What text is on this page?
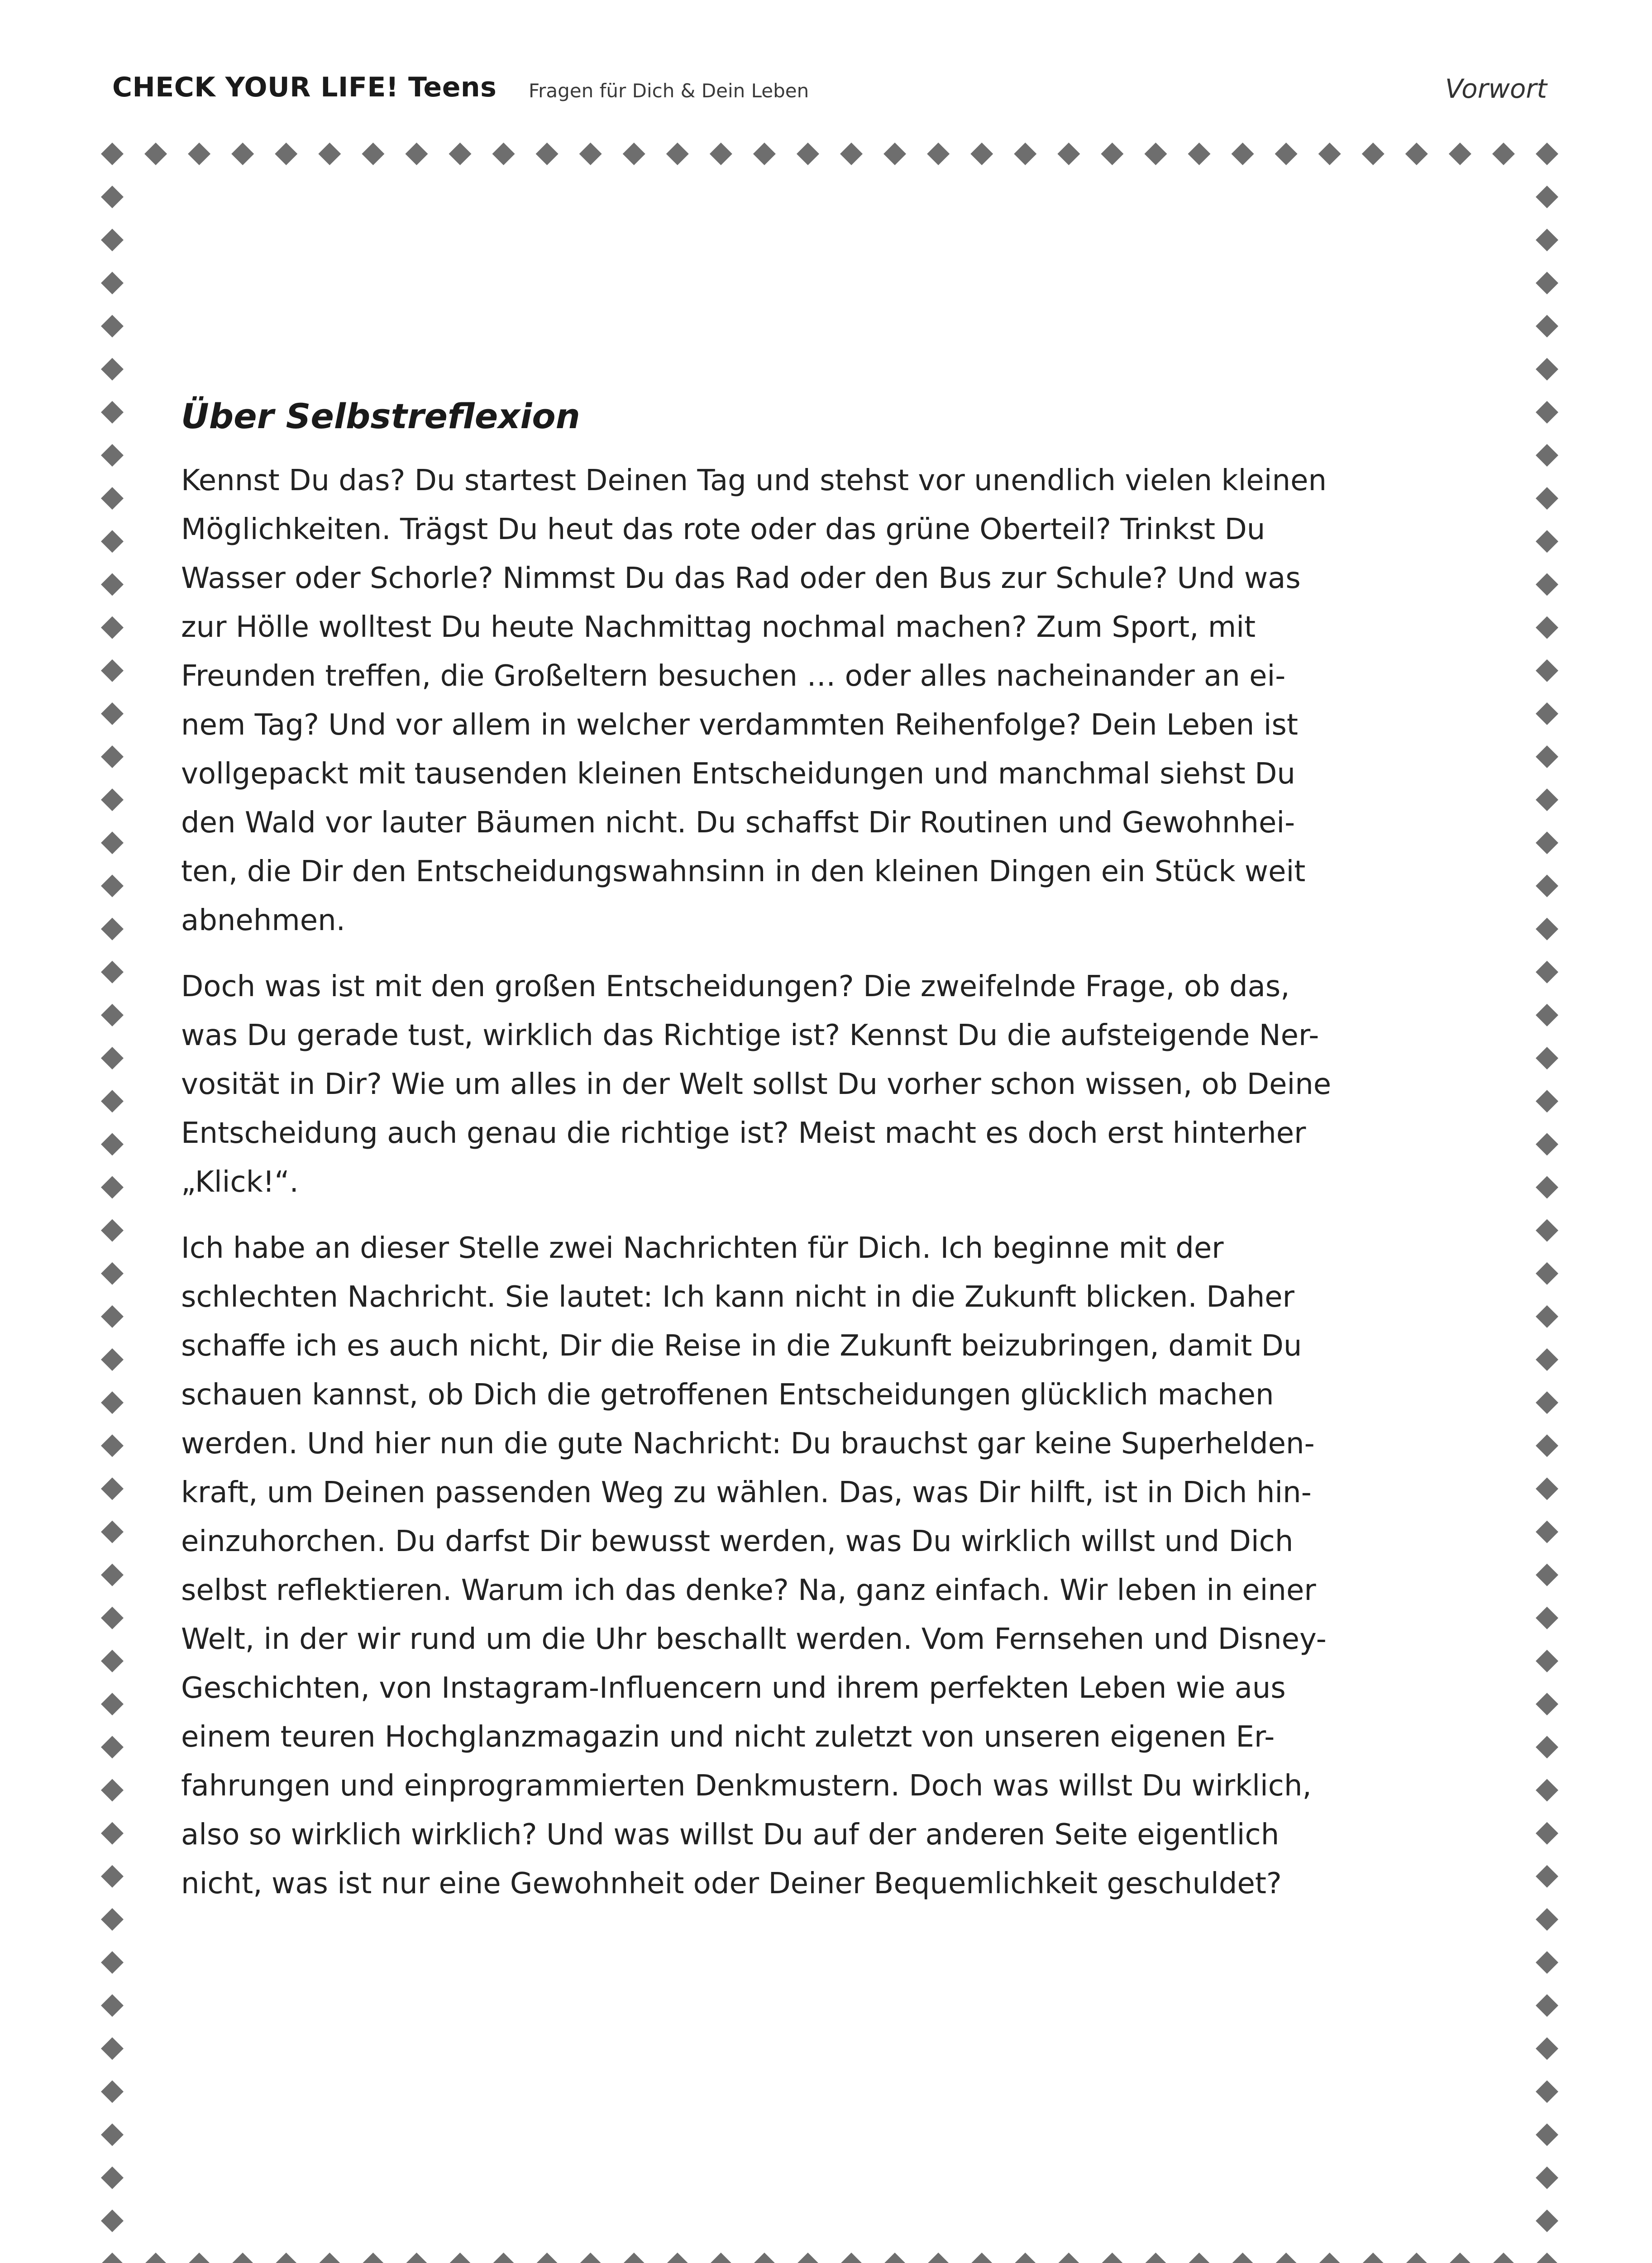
CHECK YOUR LIFE! Teens Fragen für Dich & Dein Leben	Vorwort
Über Selbstreflexion

Kennst Du das? Du startest Deinen Tag und stehst vor unendlich vielen kleinen
Möglichkeiten. Trägst Du heut das rote oder das grüne Oberteil? Trinkst Du
Wasser oder Schorle? Nimmst Du das Rad oder den Bus zur Schule? Und was
zur Hölle wolltest Du heute Nachmittag nochmal machen? Zum Sport, mit
Freunden treffen, die Großeltern besuchen … oder alles nacheinander an ei-
nem Tag? Und vor allem in welcher verdammten Reihenfolge? Dein Leben ist
vollgepackt mit tausenden kleinen Entscheidungen und manchmal siehst Du
den Wald vor lauter Bäumen nicht. Du schaffst Dir Routinen und Gewohnhei-
ten, die Dir den Entscheidungswahnsinn in den kleinen Dingen ein Stück weit
abnehmen.

Doch was ist mit den großen Entscheidungen? Die zweifelnde Frage, ob das,
was Du gerade tust, wirklich das Richtige ist? Kennst Du die aufsteigende Ner-
vosität in Dir? Wie um alles in der Welt sollst Du vorher schon wissen, ob Deine
Entscheidung auch genau die richtige ist? Meist macht es doch erst hinterher
„Klick!“.

Ich habe an dieser Stelle zwei Nachrichten für Dich. Ich beginne mit der
schlechten Nachricht. Sie lautet: Ich kann nicht in die Zukunft blicken. Daher
schaffe ich es auch nicht, Dir die Reise in die Zukunft beizubringen, damit Du
schauen kannst, ob Dich die getroffenen Entscheidungen glücklich machen
werden. Und hier nun die gute Nachricht: Du brauchst gar keine Superhelden-
kraft, um Deinen passenden Weg zu wählen. Das, was Dir hilft, ist in Dich hin-
einzuhorchen. Du darfst Dir bewusst werden, was Du wirklich willst und Dich
selbst reflektieren. Warum ich das denke? Na, ganz einfach. Wir leben in einer
Welt, in der wir rund um die Uhr beschallt werden. Vom Fernsehen und Disney-
Geschichten, von Instagram-Influencern und ihrem perfekten Leben wie aus
einem teuren Hochglanzmagazin und nicht zuletzt von unseren eigenen Er-
fahrungen und einprogrammierten Denkmustern. Doch was willst Du wirklich,
also so wirklich wirklich? Und was willst Du auf der anderen Seite eigentlich
nicht, was ist nur eine Gewohnheit oder Deiner Bequemlichkeit geschuldet?
